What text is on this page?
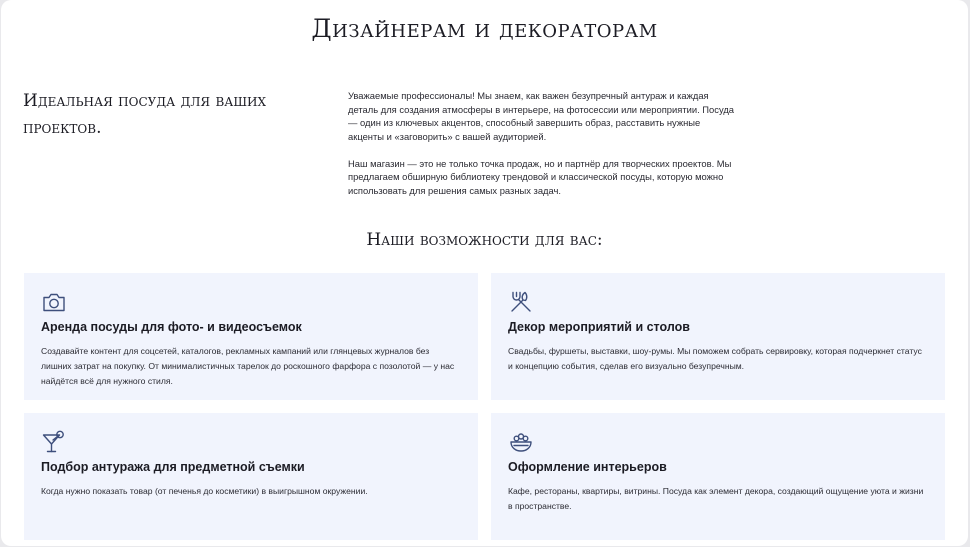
Дизайнерам и декораторам
Идеальная посуда для ваших проектов.

Уважаемые профессионалы! Мы знаем, как важен безупречный антураж и каждая деталь для создания атмосферы в интерьере, на фотосессии или мероприятии. Посуда — один из ключевых акцентов, способный завершить образ, расставить нужные акценты и «заговорить» с вашей аудиторией.

Наш магазин — это не только точка продаж, но и партнёр для творческих проектов. Мы предлагаем обширную библиотеку трендовой и классической посуды, которую можно использовать для решения самых разных задач.

Наши возможности для вас:
Аренда посуды для фото- и видеосъемок

Создавайте контент для соцсетей, каталогов, рекламных кампаний или глянцевых журналов без лишних затрат на покупку. От минималистичных тарелок до роскошного фарфора с позолотой — у нас найдётся всё для нужного стиля.

Декор мероприятий и столов

Свадьбы, фуршеты, выставки, шоу-румы. Мы поможем собрать сервировку, которая подчеркнет статус и концепцию события, сделав его визуально безупречным.

Подбор антуража для предметной съемки

Когда нужно показать товар (от печенья до косметики) в выигрышном окружении.

Оформление интерьеров

Кафе, рестораны, квартиры, витрины. Посуда как элемент декора, создающий ощущение уюта и жизни в пространстве.
